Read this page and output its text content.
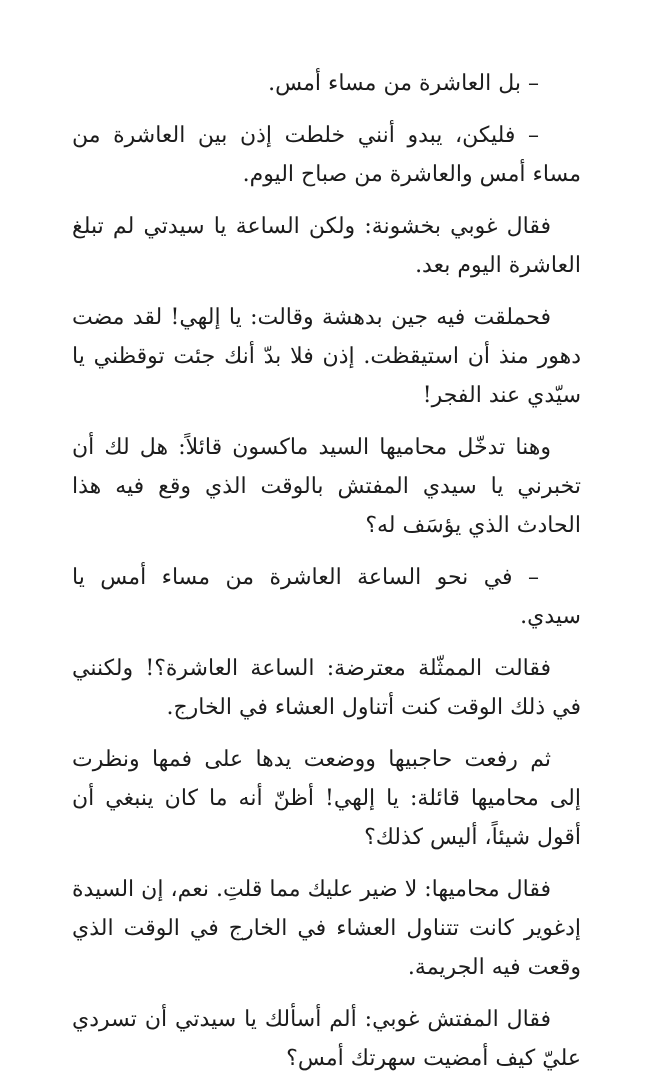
– بل العاشرة من مساء أمس.

– فليكن، يبدو أنني خلطت إذن بين العاشرة من مساء أمس والعاشرة من صباح اليوم.

فقال غوبي بخشونة: ولكن الساعة يا سيدتي لم تبلغ العاشرة اليوم بعد.

فحملقت فيه جين بدهشة وقالت: يا إلهي! لقد مضت دهور منذ أن استيقظت. إذن فلا بدّ أنك جئت توقظني يا سيّدي عند الفجر!

وهنا تدخّل محاميها السيد ماكسون قائلاً: هل لك أن تخبرني يا سيدي المفتش بالوقت الذي وقع فيه هذا الحادث الذي يؤسَف له؟

– في نحو الساعة العاشرة من مساء أمس يا سيدي.

فقالت الممثّلة معترضة: الساعة العاشرة؟! ولكنني في ذلك الوقت كنت أتناول العشاء في الخارج.

ثم رفعت حاجبيها ووضعت يدها على فمها ونظرت إلى محاميها قائلة: يا إلهي! أظنّ أنه ما كان ينبغي أن أقول شيئاً، أليس كذلك؟

فقال محاميها: لا ضير عليك مما قلتِ. نعم، إن السيدة إدغوير كانت تتناول العشاء في الخارج في الوقت الذي وقعت فيه الجريمة.

فقال المفتش غوبي: ألم أسألك يا سيدتي أن تسردي عليّ كيف أمضيت سهرتك أمس؟
